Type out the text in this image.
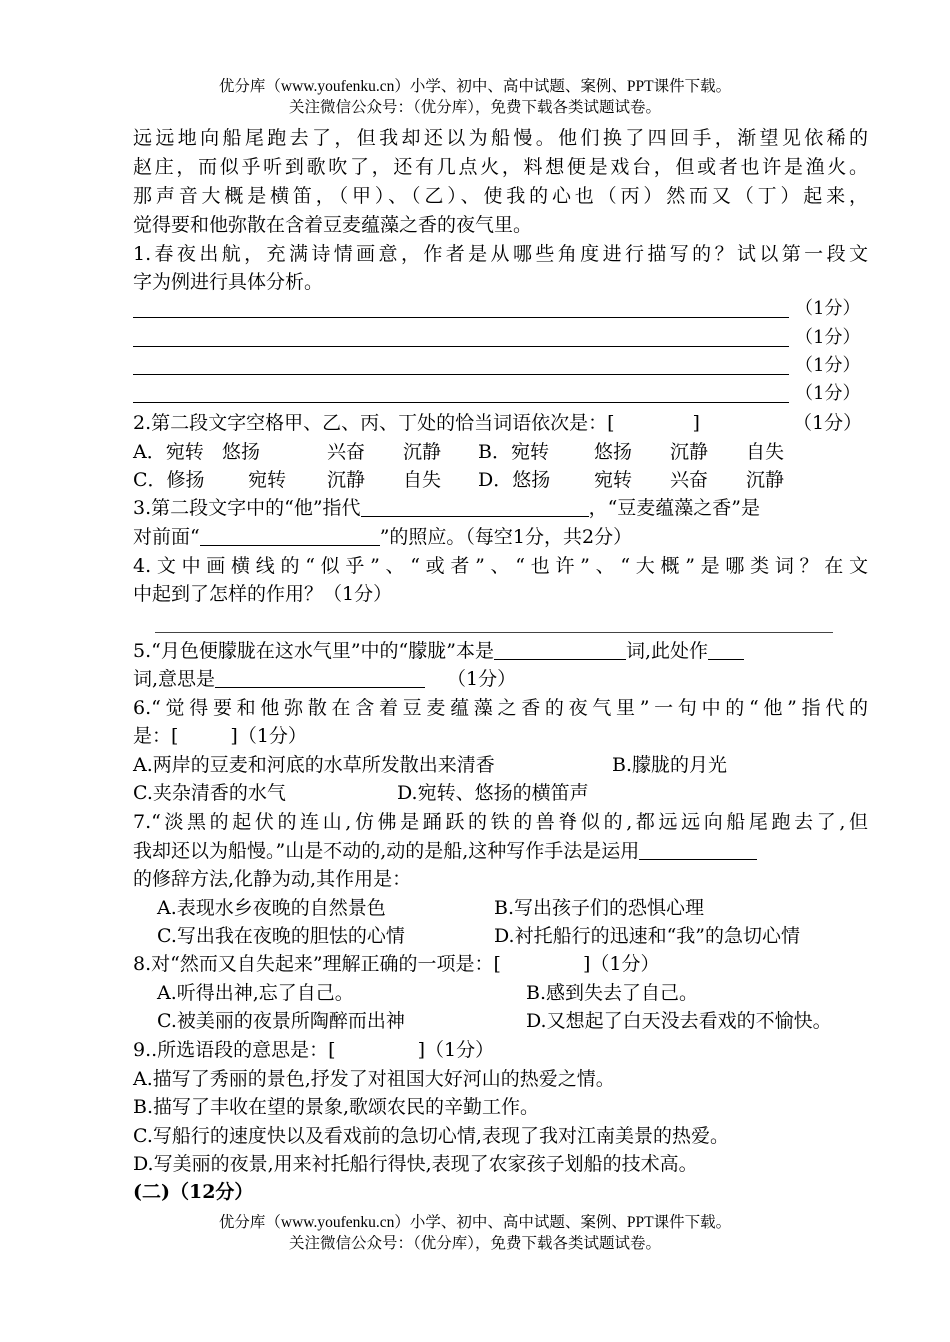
优分库（www.youfenku.cn）小学、初中、高中试题、案例、PPT课件下载。
关注微信公众号：（优分库），免费下载各类试题试卷。
远远地向船尾跑去了，但我却还以为船慢。他们换了四回手，渐望见依稀的
赵庄，而似乎听到歌吹了，还有几点火，料想便是戏台，但或者也许是渔火。
那声音大概是横笛，（甲）、（乙）、使我的心也（丙）然而又（丁）起来，
觉得要和他弥散在含着豆麦蕴藻之香的夜气里。
1.春夜出航，充满诗情画意，作者是从哪些角度进行描写的？试以第一段文
字为例进行具体分析。
（1分）
（1分）
（1分）
（1分）
2.第二段文字空格甲、乙、丙、丁处的恰当词语依次是：[	]	（1分）
A．宛转 悠扬	兴奋 沉静 B．宛转 悠扬 沉静 自失
C．修扬 宛转 沉静 自失 D．悠扬 宛转 兴奋 沉静
3.第二段文字中的“他”指代	，“豆麦蕴藻之香”是
对前面“	”的照应。（每空1分，共2分）
4.文中画横线的“似乎”、“或者”、“也许”、“大概”是哪类词？在文
中起到了怎样的作用？（1分）
5.“月色便朦胧在这水气里”中的“朦胧”本是	词,此处作
词,意思是	（1分）
6.“觉得要和他弥散在含着豆麦蕴藻之香的夜气里”一句中的“他”指代的
是：[	]（1分）
A.两岸的豆麦和河底的水草所发散出来清香	B.朦胧的月光
C.夹杂清香的水气	D.宛转、悠扬的横笛声
7.“淡黑的起伏的连山,仿佛是踊跃的铁的兽脊似的,都远远向船尾跑去了,但
我却还以为船慢。”山是不动的,动的是船,这种写作手法是运用
的修辞方法,化静为动,其作用是：
A.表现水乡夜晚的自然景色	B.写出孩子们的恐惧心理
C.写出我在夜晚的胆怯的心情	D.衬托船行的迅速和“我”的急切心情
8.对“然而又自失起来”理解正确的一项是：[	]（1分）
A.听得出神,忘了自己。	B.感到失去了自己。
C.被美丽的夜景所陶醉而出神	D.又想起了白天没去看戏的不愉快。
9..所选语段的意思是：[	]（1分）
A.描写了秀丽的景色,抒发了对祖国大好河山的热爱之情。
B.描写了丰收在望的景象,歌颂农民的辛勤工作。
C.写船行的速度快以及看戏前的急切心情,表现了我对江南美景的热爱。
D.写美丽的夜景,用来衬托船行得快,表现了农家孩子划船的技术高。
(二)（12分）
优分库（www.youfenku.cn）小学、初中、高中试题、案例、PPT课件下载。
关注微信公众号：（优分库），免费下载各类试题试卷。
